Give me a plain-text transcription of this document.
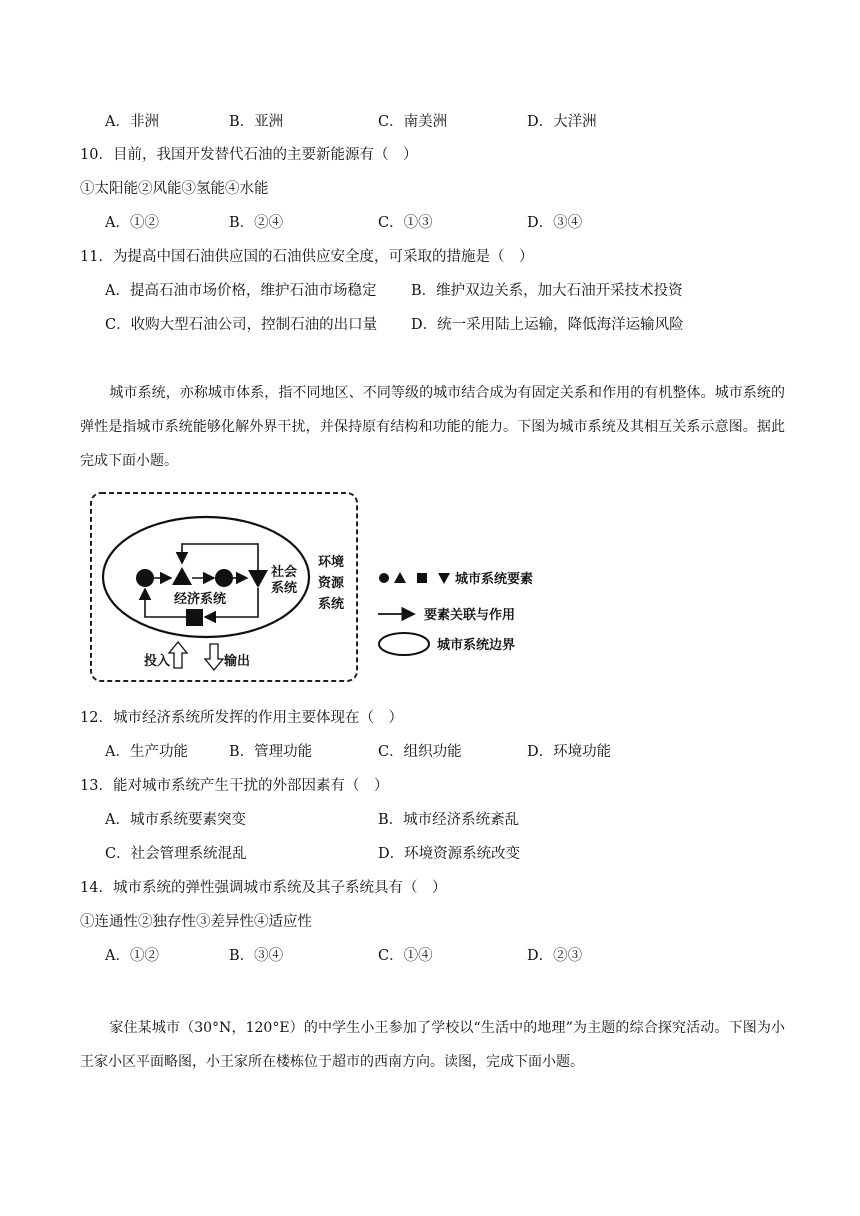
A．非洲	B．亚洲	C．南美洲	D．大洋洲
10．目前，我国开发替代石油的主要新能源有（　）
①太阳能②风能③氢能④水能
A．①②	B．②④	C．①③	D．③④
11．为提高中国石油供应国的石油供应安全度，可采取的措施是（　）
A．提高石油市场价格，维护石油市场稳定 B．维护双边关系，加大石油开采技术投资
C．收购大型石油公司，控制石油的出口量 D．统一采用陆上运输，降低海洋运输风险
城市系统，亦称城市体系，指不同地区、不同等级的城市结合成为有固定关系和作用的有机整体。城市系统的弹性是指城市系统能够化解外界干扰，并保持原有结构和功能的能力。下图为城市系统及其相互关系示意图。据此完成下面小题。
经济系统
社会
系统
环境
资源
系统
投入	输出
城市系统要素
要素关联与作用
城市系统边界
12．城市经济系统所发挥的作用主要体现在（　）
A．生产功能	B．管理功能	C．组织功能	D．环境功能
13．能对城市系统产生干扰的外部因素有（　）
A．城市系统要素突变	B．城市经济系统紊乱
C．社会管理系统混乱	D．环境资源系统改变
14．城市系统的弹性强调城市系统及其子系统具有（　）
①连通性②独存性③差异性④适应性
A．①②	B．③④	C．①④	D．②③
家住某城市（30°N，120°E）的中学生小王参加了学校以“生活中的地理”为主题的综合探究活动。下图为小王家小区平面略图，小王家所在楼栋位于超市的西南方向。读图，完成下面小题。
